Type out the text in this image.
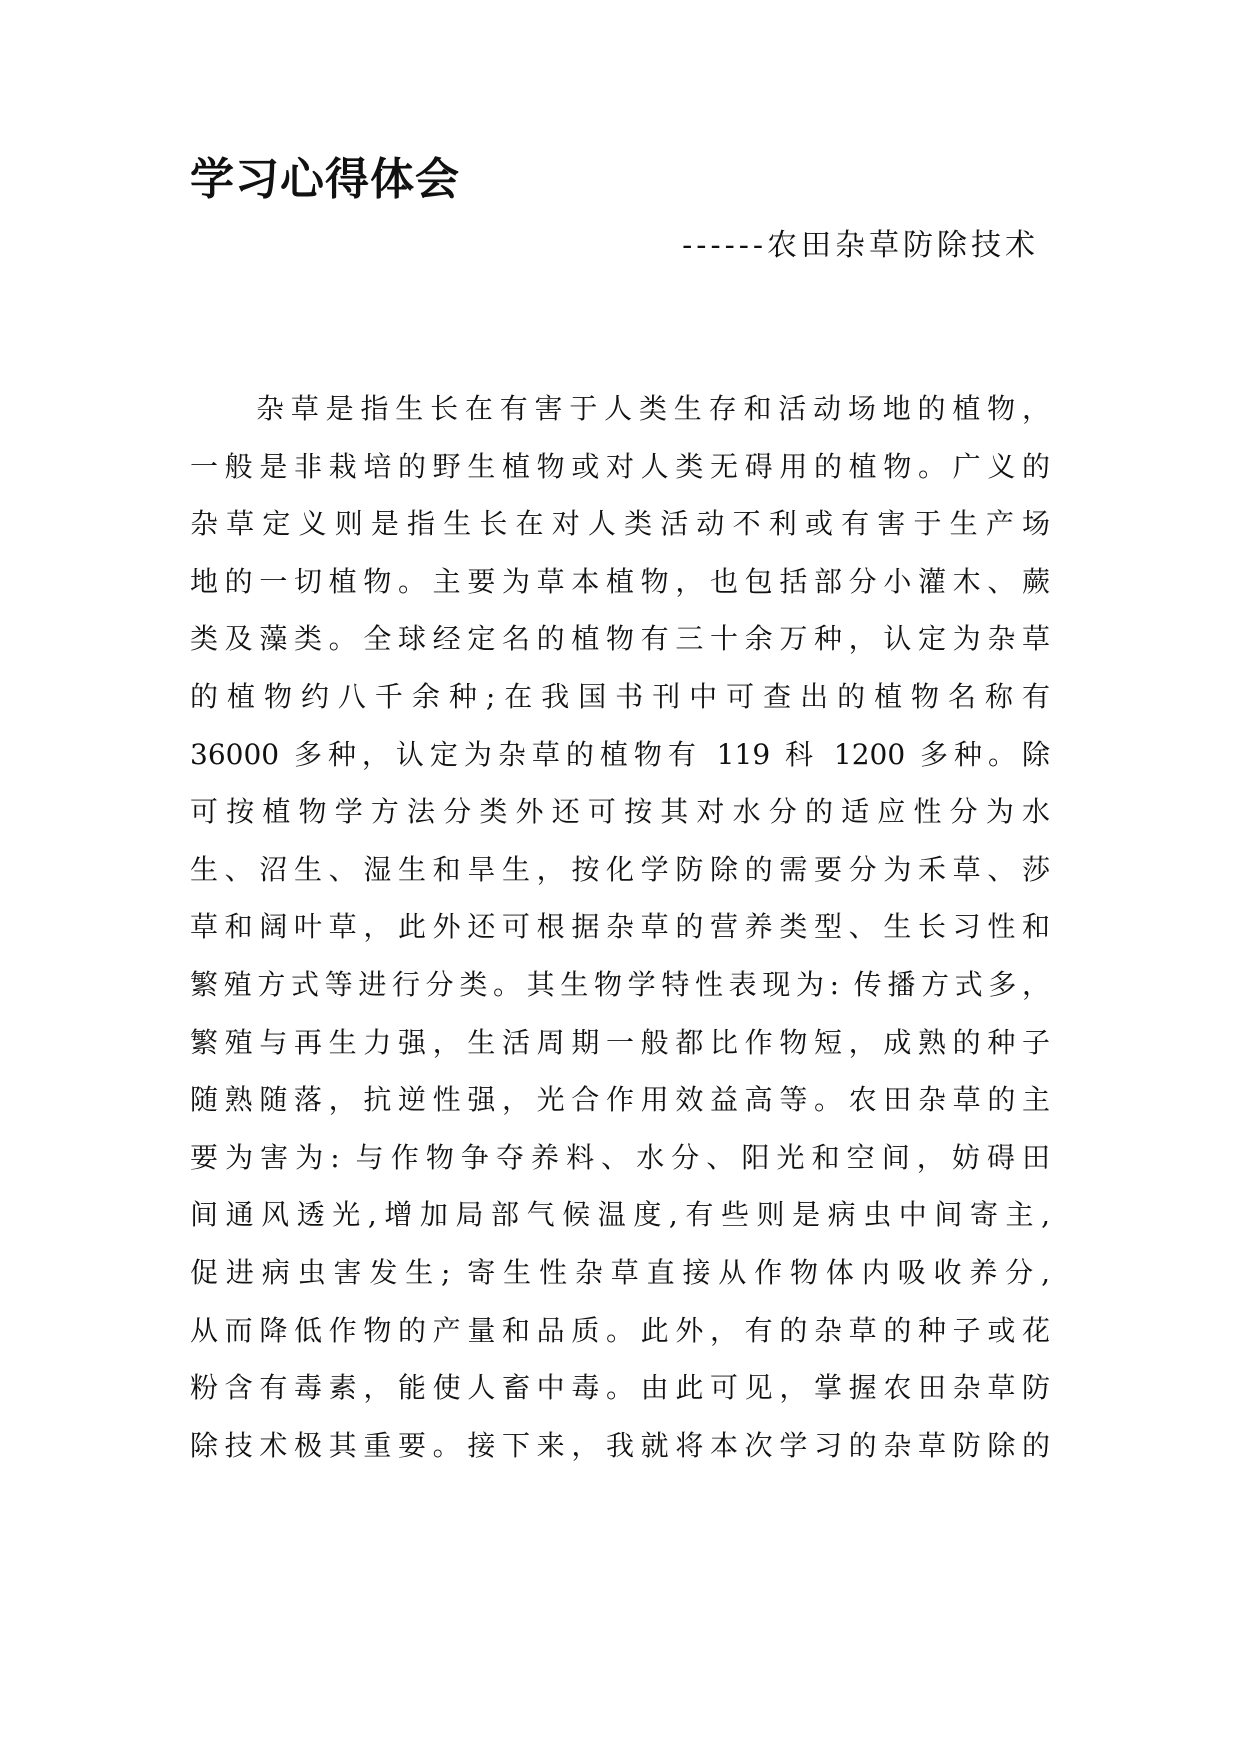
学习心得体会
------农田杂草防除技术
杂草是指生长在有害于人类生存和活动场地的植物，
一般是非栽培的野生植物或对人类无碍用的植物。广义的
杂草定义则是指生长在对人类活动不利或有害于生产场
地的一切植物。主要为草本植物，也包括部分小灌木、蕨
类及藻类。全球经定名的植物有三十余万种，认定为杂草
的植物约八千余种;在我国书刊中可查出的植物名称有
36000 多种，认定为杂草的植物有 119 科 1200 多种。除
可按植物学方法分类外还可按其对水分的适应性分为水
生、沼生、湿生和旱生，按化学防除的需要分为禾草、莎
草和阔叶草，此外还可根据杂草的营养类型、生长习性和
繁殖方式等进行分类。其生物学特性表现为: 传播方式多，
繁殖与再生力强，生活周期一般都比作物短，成熟的种子
随熟随落，抗逆性强，光合作用效益高等。农田杂草的主
要为害为: 与作物争夺养料、水分、阳光和空间，妨碍田
间通风透光,增加局部气候温度,有些则是病虫中间寄主,
促进病虫害发生; 寄生性杂草直接从作物体内吸收养分,
从而降低作物的产量和品质。此外，有的杂草的种子或花
粉含有毒素，能使人畜中毒。由此可见，掌握农田杂草防
除技术极其重要。接下来，我就将本次学习的杂草防除的
